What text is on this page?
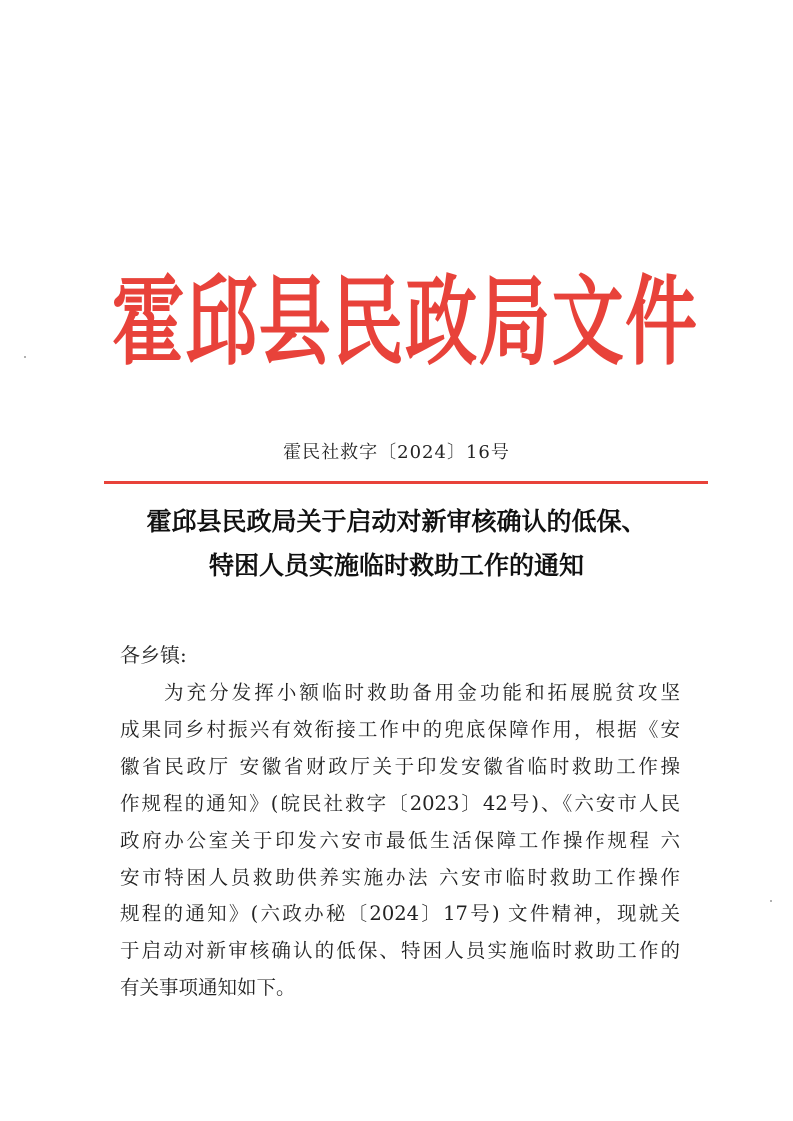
霍 邱 县 民 政 局 文 件
霍民社救字〔2024〕16号
霍邱县民政局关于启动对新审核确认的低保、
特困人员实施临时救助工作的通知
各乡镇:
为充分发挥小额临时救助备用金功能和拓展脱贫攻坚
成果同乡村振兴有效衔接工作中的兜底保障作用，根据《安
徽省民政厅 安徽省财政厅关于印发安徽省临时救助工作操
作规程的通知》(皖民社救字〔2023〕42号)、《六安市人民
政府办公室关于印发六安市最低生活保障工作操作规程 六
安市特困人员救助供养实施办法 六安市临时救助工作操作
规程的通知》(六政办秘〔2024〕17号) 文件精神，现就关
于启动对新审核确认的低保、特困人员实施临时救助工作的
有关事项通知如下。
